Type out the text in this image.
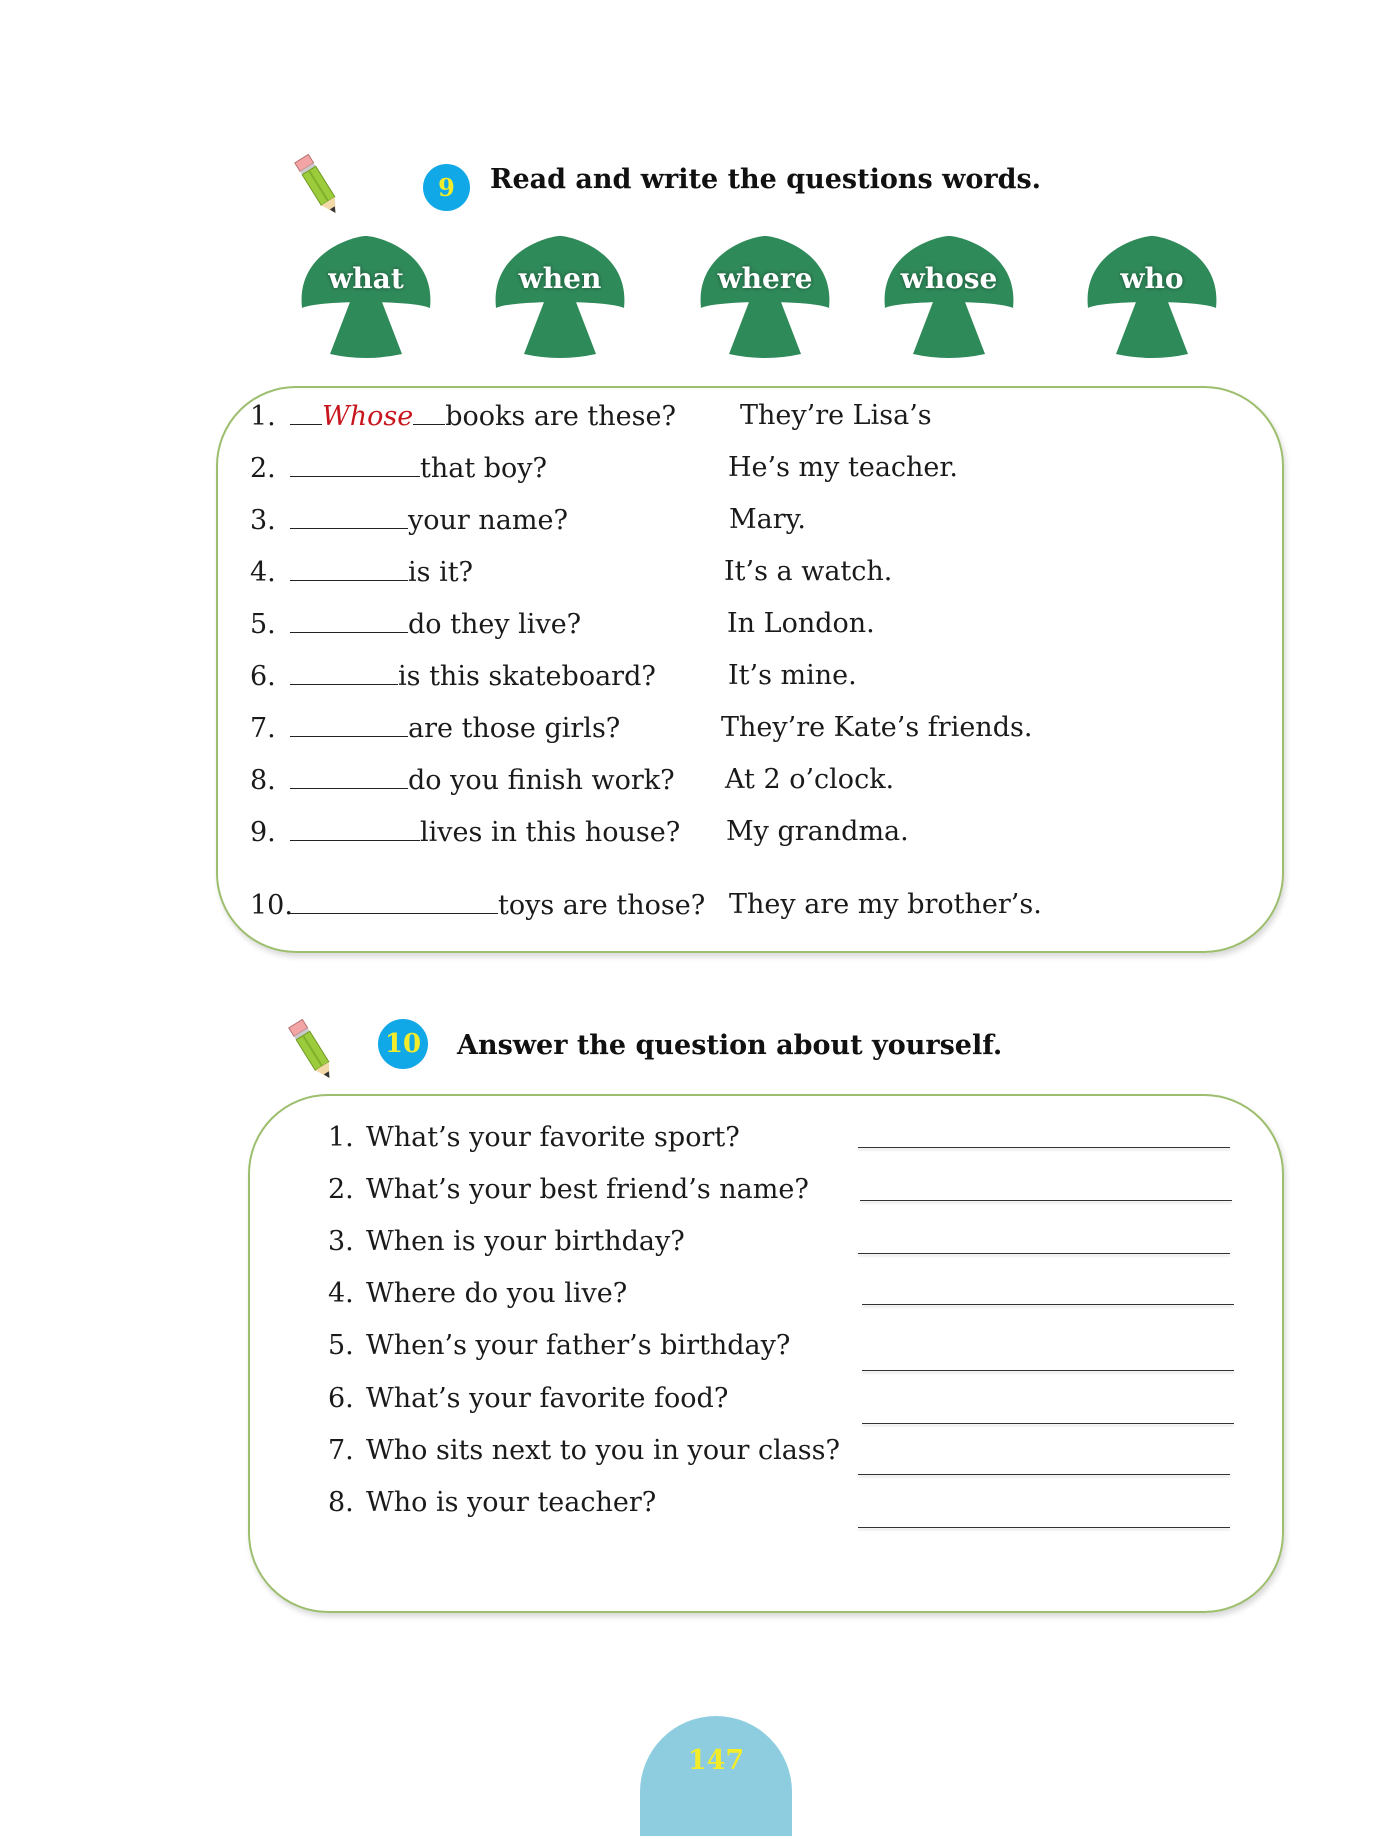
9	Read and write the questions words.
what	when	where	whose	who
1. Whose books are these? They’re Lisa’s
2.	that boy?	He’s my teacher.
3.	your name?	Mary.
4.	is it?	It’s a watch.
5.	do they live?	In London.
6.	is this skateboard?	It’s mine.
7.	are those girls?	They’re Kate’s friends.
8.	do you finish work? At 2 o’clock.
9.	lives in this house? My grandma.
10.	toys are those? They are my brother’s.
10 Answer the question about yourself.
1. What’s your favorite sport?
2. What’s your best friend’s name?
3. When is your birthday?
4. Where do you live?
5. When’s your father’s birthday?
6. What’s your favorite food?
7. Who sits next to you in your class?
8. Who is your teacher?
147
